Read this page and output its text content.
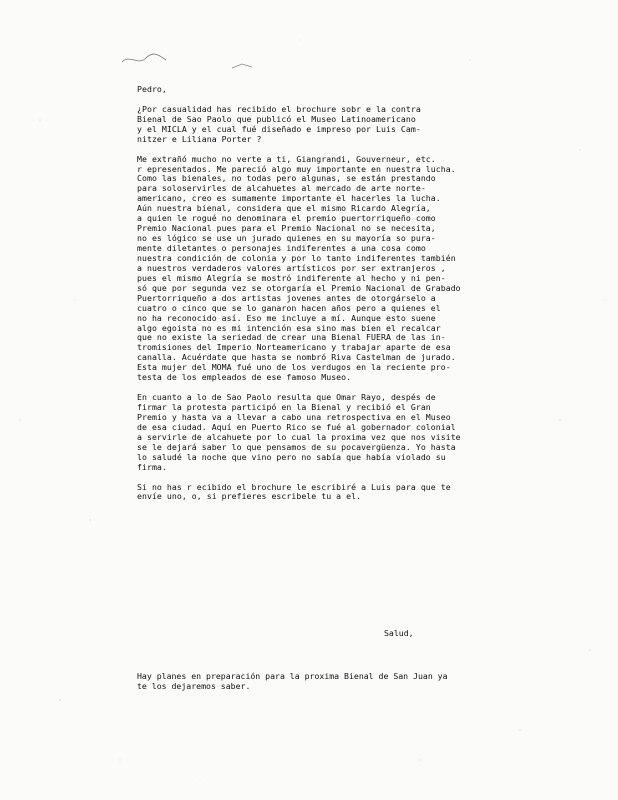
Pedro,
¿Por casualidad has recibido el brochure sobr e la contra
Bienal de Sao Paolo que publicó el Museo Latinoamericano
y el MICLA y el cual fué diseñado e impreso por Luis Cam-
nitzer e Liliana Porter ?
Me extrañó mucho no verte a ti, Giangrandi, Gouverneur, etc.
r epresentados. Me pareció algo muy importante en nuestra lucha.
Como las bienales, no todas pero algunas, se están prestando
para soloservirles de alcahuetes al mercado de arte norte-
americano, creo es sumamente importante el hacerles la lucha.
Aún nuestra bienal, considera que el mismo Ricardo Alegría,
a quien le rogué no denominara el premio puertorriqueño como
Premio Nacional pues para el Premio Nacional no se necesita,
no es lógico se use un jurado quienes en su mayoría so pura-
mente diletantes o personajes indiferentes a una cosa como
nuestra condición de colonia y por lo tanto indiferentes también
a nuestros verdaderos valores artísticos por ser extranjeros ,
pues el mismo Alegría se mostró indiferente al hecho y ni pen-
só que por segunda vez se otorgaría el Premio Nacional de Grabado
Puertorriqueño a dos artistas jovenes antes de otorgárselo a
cuatro o cinco que se lo ganaron hacen años pero a quienes el
no ha reconocido así. Eso me incluye a mí. Aunque esto suene
algo egoista no es mi intención esa sino mas bien el recalcar
que no existe la seriedad de crear una Bienal FUERA de las in-
tromisiones del Imperio Norteamericano y trabajar aparte de esa
canalla. Acuérdate que hasta se nombró Riva Castelman de jurado.
Esta mujer del MOMA fué uno de los verdugos en la reciente pro-
testa de los empleados de ese famoso Museo.
En cuanto a lo de Sao Paolo resulta que Omar Rayo, despés de
firmar la protesta participó en la Bienal y recibió el Gran
Premio y hasta va a llevar a cabo una retrospectiva en el Museo
de esa ciudad. Aquí en Puerto Rico se fué al gobernador colonial
a servirle de alcahuete por lo cual la proxima vez que nos visite
se le dejará saber lo que pensamos de su pocavergüenza. Yo hasta
lo saludé la noche que vino pero no sabía que había violado su
firma.
Si no has r ecibido el brochure le escribiré a Luis para que te
envíe uno, o, si prefieres escribele tu a el.
Salud,
Hay planes en preparación para la proxima Bienal de San Juan ya
te los dejaremos saber.
